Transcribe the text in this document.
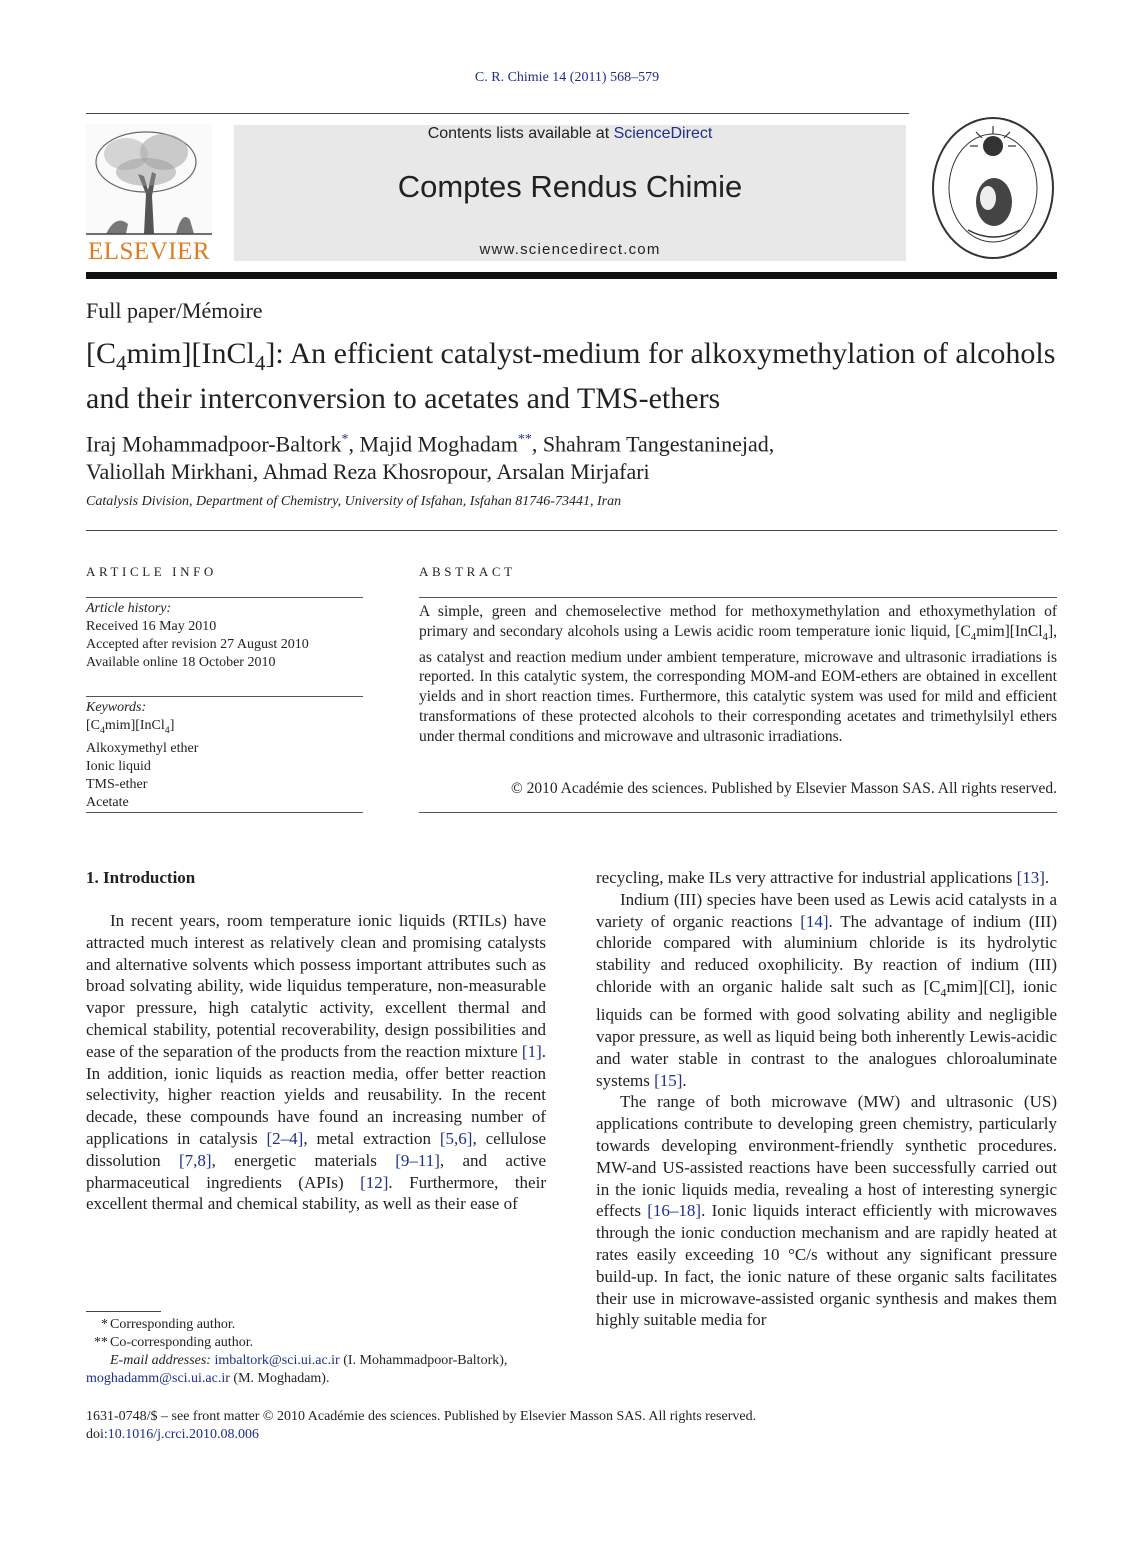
C. R. Chimie 14 (2011) 568–579
ELSEVIER
Contents lists available at ScienceDirect
Comptes Rendus Chimie
www.sciencedirect.com
Full paper/Mémoire
$[C_4mim][InCl_4]$: An efficient catalyst-medium for alkoxymethylation of alcohols and their interconversion to acetates and TMS-ethers
Iraj Mohammadpoor-Baltork*, Majid Moghadam**, Shahram Tangestaninejad,
Valiollah Mirkhani, Ahmad Reza Khosropour, Arsalan Mirjafari
Catalysis Division, Department of Chemistry, University of Isfahan, Isfahan 81746-73441, Iran
ARTICLE INFO	ABSTRACT
Article history:
Received 16 May 2010
Accepted after revision 27 August 2010
Available online 18 October 2010
Keywords:
$[C_4mim][InCl_4]$
Alkoxymethyl ether
Ionic liquid
TMS-ether
Acetate
A simple, green and chemoselective method for methoxymethylation and ethoxymethylation of primary and secondary alcohols using a Lewis acidic room temperature ionic liquid, $[C_4mim][InCl_4]$, as catalyst and reaction medium under ambient temperature, microwave and ultrasonic irradiations is reported. In this catalytic system, the corresponding MOM-and EOM-ethers are obtained in excellent yields and in short reaction times. Furthermore, this catalytic system was used for mild and efficient transformations of these protected alcohols to their corresponding acetates and trimethylsilyl ethers under thermal conditions and microwave and ultrasonic irradiations.
© 2010 Académie des sciences. Published by Elsevier Masson SAS. All rights reserved.
1. Introduction

In recent years, room temperature ionic liquids (RTILs) have attracted much interest as relatively clean and promising catalysts and alternative solvents which possess important attributes such as broad solvating ability, wide liquidus temperature, non-measurable vapor pressure, high catalytic activity, excellent thermal and chemical stability, potential recoverability, design possibilities and ease of the separation of the products from the reaction mixture [1]. In addition, ionic liquids as reaction media, offer better reaction selectivity, higher reaction yields and reusability. In the recent decade, these compounds have found an increasing number of applications in catalysis [2–4], metal extraction [5,6], cellulose dissolution [7,8], energetic materials [9–11], and active pharmaceutical ingredients (APIs) [12]. Furthermore, their excellent thermal and chemical stability, as well as their ease of

recycling, make ILs very attractive for industrial applications [13].

Indium (III) species have been used as Lewis acid catalysts in a variety of organic reactions [14]. The advantage of indium (III) chloride compared with aluminium chloride is its hydrolytic stability and reduced oxophilicity. By reaction of indium (III) chloride with an organic halide salt such as $[C_4mim][Cl]$, ionic liquids can be formed with good solvating ability and negligible vapor pressure, as well as liquid being both inherently Lewis-acidic and water stable in contrast to the analogues chloroaluminate systems [15].

The range of both microwave (MW) and ultrasonic (US) applications contribute to developing green chemistry, particularly towards developing environment-friendly synthetic procedures. MW-and US-assisted reactions have been successfully carried out in the ionic liquids media, revealing a host of interesting synergic effects [16–18]. Ionic liquids interact efficiently with microwaves through the ionic conduction mechanism and are rapidly heated at rates easily exceeding 10 °C/s without any significant pressure build-up. In fact, the ionic nature of these organic salts facilitates their use in microwave-assisted organic synthesis and makes them highly suitable media for

* Corresponding author.
** Co-corresponding author.
E-mail addresses: imbaltork@sci.ui.ac.ir (I. Mohammadpoor-Baltork),
moghadamm@sci.ui.ac.ir (M. Moghadam).
1631-0748/$ – see front matter © 2010 Académie des sciences. Published by Elsevier Masson SAS. All rights reserved.
doi:10.1016/j.crci.2010.08.006
